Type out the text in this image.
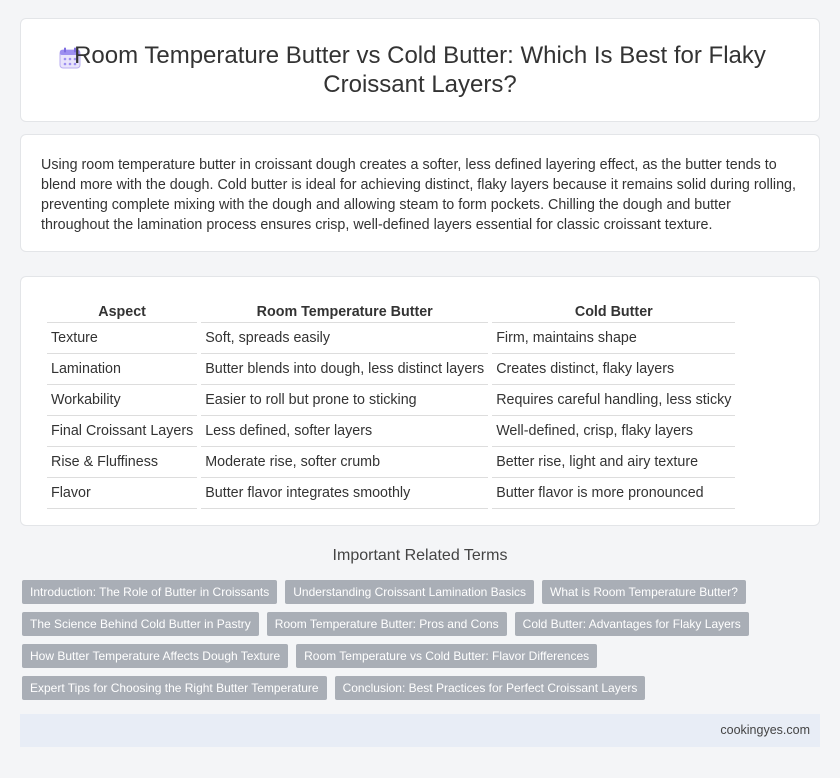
Room Temperature Butter vs Cold Butter: Which Is Best for Flaky Croissant Layers?

Using room temperature butter in croissant dough creates a softer, less defined layering effect, as the butter tends to blend more with the dough. Cold butter is ideal for achieving distinct, flaky layers because it remains solid during rolling, preventing complete mixing with the dough and allowing steam to form pockets. Chilling the dough and butter throughout the lamination process ensures crisp, well-defined layers essential for classic croissant texture.

Aspect	Room Temperature Butter	Cold Butter
Texture	Soft, spreads easily	Firm, maintains shape
Lamination	Butter blends into dough, less distinct layers	Creates distinct, flaky layers
Workability	Easier to roll but prone to sticking	Requires careful handling, less sticky
Final Croissant Layers	Less defined, softer layers	Well-defined, crisp, flaky layers
Rise & Fluffiness	Moderate rise, softer crumb	Better rise, light and airy texture
Flavor	Butter flavor integrates smoothly	Butter flavor is more pronounced
Important Related Terms
Introduction: The Role of Butter in Croissants	Understanding Croissant Lamination Basics	What is Room Temperature Butter?
The Science Behind Cold Butter in Pastry	Room Temperature Butter: Pros and Cons	Cold Butter: Advantages for Flaky Layers
How Butter Temperature Affects Dough Texture	Room Temperature vs Cold Butter: Flavor Differences
Expert Tips for Choosing the Right Butter Temperature	Conclusion: Best Practices for Perfect Croissant Layers
cookingyes.com
